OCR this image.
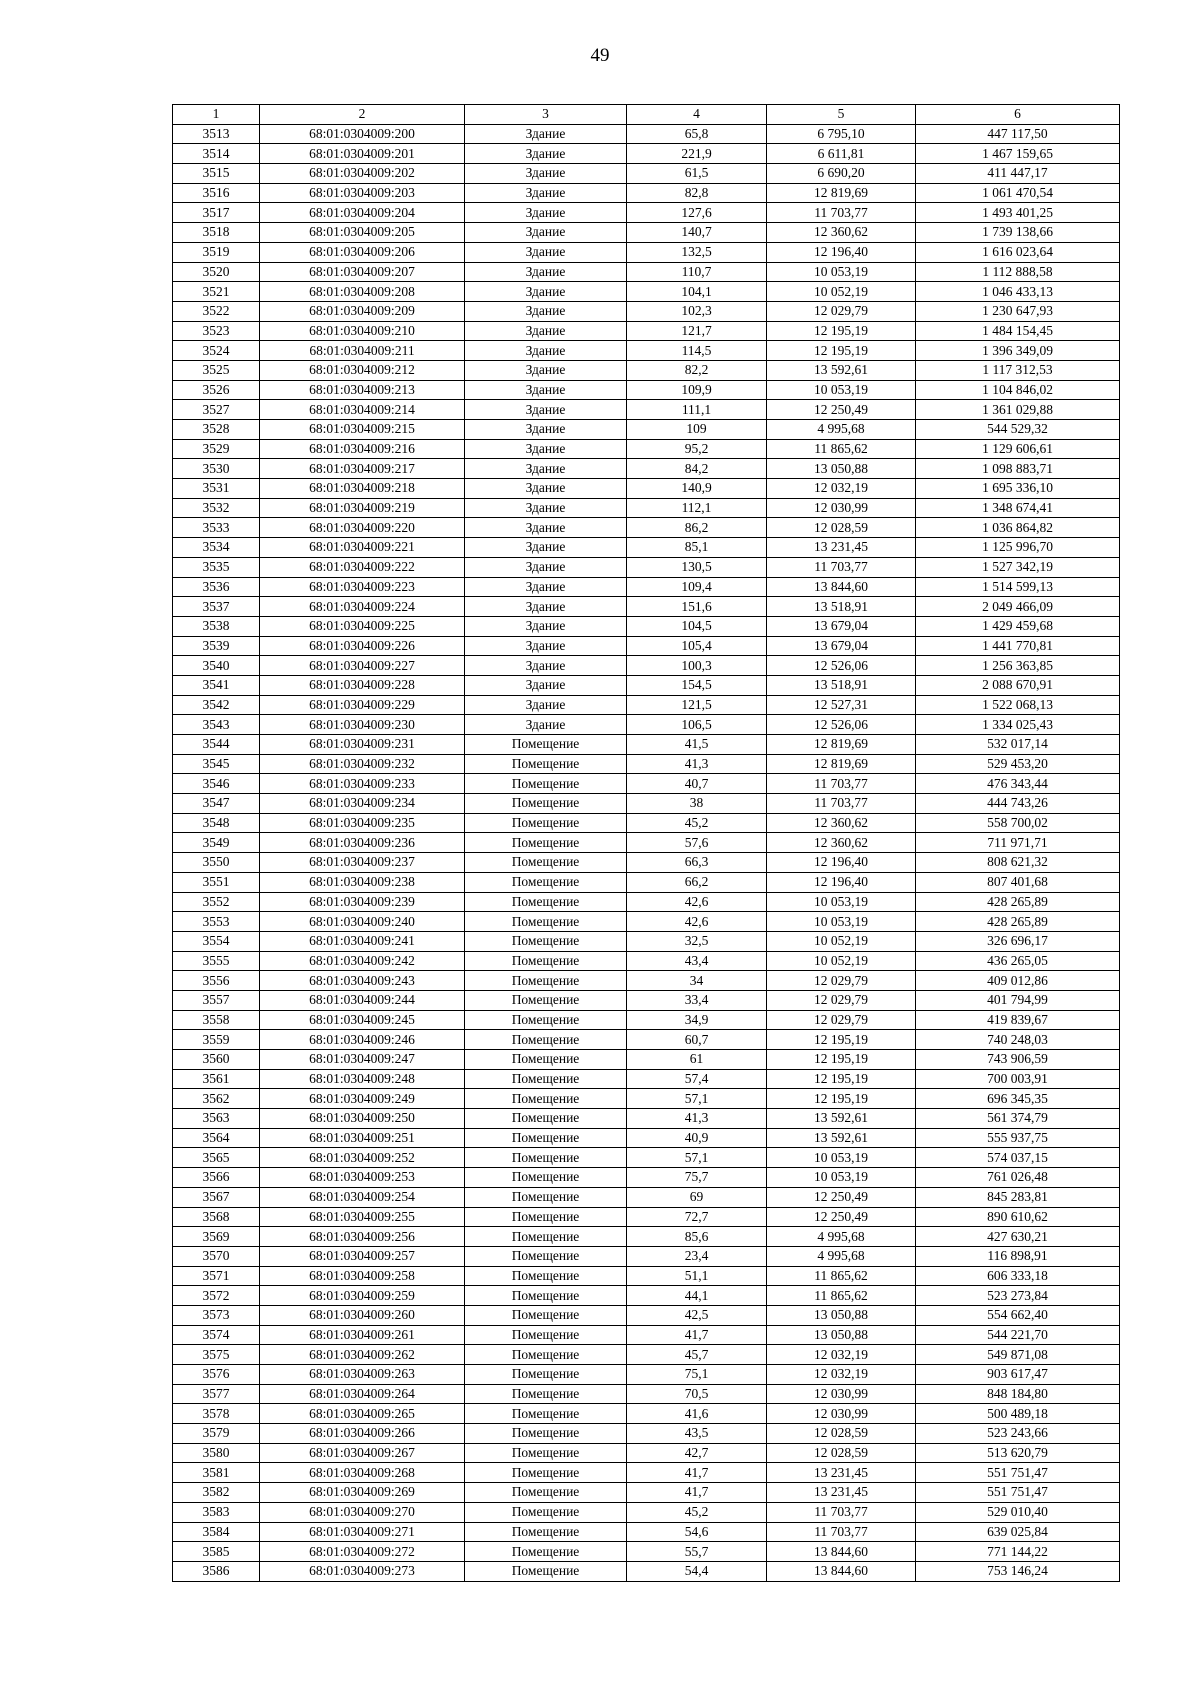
49
1	2	3	4	5	6
3513	68:01:0304009:200	Здание	65,8	6 795,10	447 117,50
3514	68:01:0304009:201	Здание	221,9	6 611,81	1 467 159,65
3515	68:01:0304009:202	Здание	61,5	6 690,20	411 447,17
3516	68:01:0304009:203	Здание	82,8	12 819,69	1 061 470,54
3517	68:01:0304009:204	Здание	127,6	11 703,77	1 493 401,25
3518	68:01:0304009:205	Здание	140,7	12 360,62	1 739 138,66
3519	68:01:0304009:206	Здание	132,5	12 196,40	1 616 023,64
3520	68:01:0304009:207	Здание	110,7	10 053,19	1 112 888,58
3521	68:01:0304009:208	Здание	104,1	10 052,19	1 046 433,13
3522	68:01:0304009:209	Здание	102,3	12 029,79	1 230 647,93
3523	68:01:0304009:210	Здание	121,7	12 195,19	1 484 154,45
3524	68:01:0304009:211	Здание	114,5	12 195,19	1 396 349,09
3525	68:01:0304009:212	Здание	82,2	13 592,61	1 117 312,53
3526	68:01:0304009:213	Здание	109,9	10 053,19	1 104 846,02
3527	68:01:0304009:214	Здание	111,1	12 250,49	1 361 029,88
3528	68:01:0304009:215	Здание	109	4 995,68	544 529,32
3529	68:01:0304009:216	Здание	95,2	11 865,62	1 129 606,61
3530	68:01:0304009:217	Здание	84,2	13 050,88	1 098 883,71
3531	68:01:0304009:218	Здание	140,9	12 032,19	1 695 336,10
3532	68:01:0304009:219	Здание	112,1	12 030,99	1 348 674,41
3533	68:01:0304009:220	Здание	86,2	12 028,59	1 036 864,82
3534	68:01:0304009:221	Здание	85,1	13 231,45	1 125 996,70
3535	68:01:0304009:222	Здание	130,5	11 703,77	1 527 342,19
3536	68:01:0304009:223	Здание	109,4	13 844,60	1 514 599,13
3537	68:01:0304009:224	Здание	151,6	13 518,91	2 049 466,09
3538	68:01:0304009:225	Здание	104,5	13 679,04	1 429 459,68
3539	68:01:0304009:226	Здание	105,4	13 679,04	1 441 770,81
3540	68:01:0304009:227	Здание	100,3	12 526,06	1 256 363,85
3541	68:01:0304009:228	Здание	154,5	13 518,91	2 088 670,91
3542	68:01:0304009:229	Здание	121,5	12 527,31	1 522 068,13
3543	68:01:0304009:230	Здание	106,5	12 526,06	1 334 025,43
3544	68:01:0304009:231	Помещение	41,5	12 819,69	532 017,14
3545	68:01:0304009:232	Помещение	41,3	12 819,69	529 453,20
3546	68:01:0304009:233	Помещение	40,7	11 703,77	476 343,44
3547	68:01:0304009:234	Помещение	38	11 703,77	444 743,26
3548	68:01:0304009:235	Помещение	45,2	12 360,62	558 700,02
3549	68:01:0304009:236	Помещение	57,6	12 360,62	711 971,71
3550	68:01:0304009:237	Помещение	66,3	12 196,40	808 621,32
3551	68:01:0304009:238	Помещение	66,2	12 196,40	807 401,68
3552	68:01:0304009:239	Помещение	42,6	10 053,19	428 265,89
3553	68:01:0304009:240	Помещение	42,6	10 053,19	428 265,89
3554	68:01:0304009:241	Помещение	32,5	10 052,19	326 696,17
3555	68:01:0304009:242	Помещение	43,4	10 052,19	436 265,05
3556	68:01:0304009:243	Помещение	34	12 029,79	409 012,86
3557	68:01:0304009:244	Помещение	33,4	12 029,79	401 794,99
3558	68:01:0304009:245	Помещение	34,9	12 029,79	419 839,67
3559	68:01:0304009:246	Помещение	60,7	12 195,19	740 248,03
3560	68:01:0304009:247	Помещение	61	12 195,19	743 906,59
3561	68:01:0304009:248	Помещение	57,4	12 195,19	700 003,91
3562	68:01:0304009:249	Помещение	57,1	12 195,19	696 345,35
3563	68:01:0304009:250	Помещение	41,3	13 592,61	561 374,79
3564	68:01:0304009:251	Помещение	40,9	13 592,61	555 937,75
3565	68:01:0304009:252	Помещение	57,1	10 053,19	574 037,15
3566	68:01:0304009:253	Помещение	75,7	10 053,19	761 026,48
3567	68:01:0304009:254	Помещение	69	12 250,49	845 283,81
3568	68:01:0304009:255	Помещение	72,7	12 250,49	890 610,62
3569	68:01:0304009:256	Помещение	85,6	4 995,68	427 630,21
3570	68:01:0304009:257	Помещение	23,4	4 995,68	116 898,91
3571	68:01:0304009:258	Помещение	51,1	11 865,62	606 333,18
3572	68:01:0304009:259	Помещение	44,1	11 865,62	523 273,84
3573	68:01:0304009:260	Помещение	42,5	13 050,88	554 662,40
3574	68:01:0304009:261	Помещение	41,7	13 050,88	544 221,70
3575	68:01:0304009:262	Помещение	45,7	12 032,19	549 871,08
3576	68:01:0304009:263	Помещение	75,1	12 032,19	903 617,47
3577	68:01:0304009:264	Помещение	70,5	12 030,99	848 184,80
3578	68:01:0304009:265	Помещение	41,6	12 030,99	500 489,18
3579	68:01:0304009:266	Помещение	43,5	12 028,59	523 243,66
3580	68:01:0304009:267	Помещение	42,7	12 028,59	513 620,79
3581	68:01:0304009:268	Помещение	41,7	13 231,45	551 751,47
3582	68:01:0304009:269	Помещение	41,7	13 231,45	551 751,47
3583	68:01:0304009:270	Помещение	45,2	11 703,77	529 010,40
3584	68:01:0304009:271	Помещение	54,6	11 703,77	639 025,84
3585	68:01:0304009:272	Помещение	55,7	13 844,60	771 144,22
3586	68:01:0304009:273	Помещение	54,4	13 844,60	753 146,24
